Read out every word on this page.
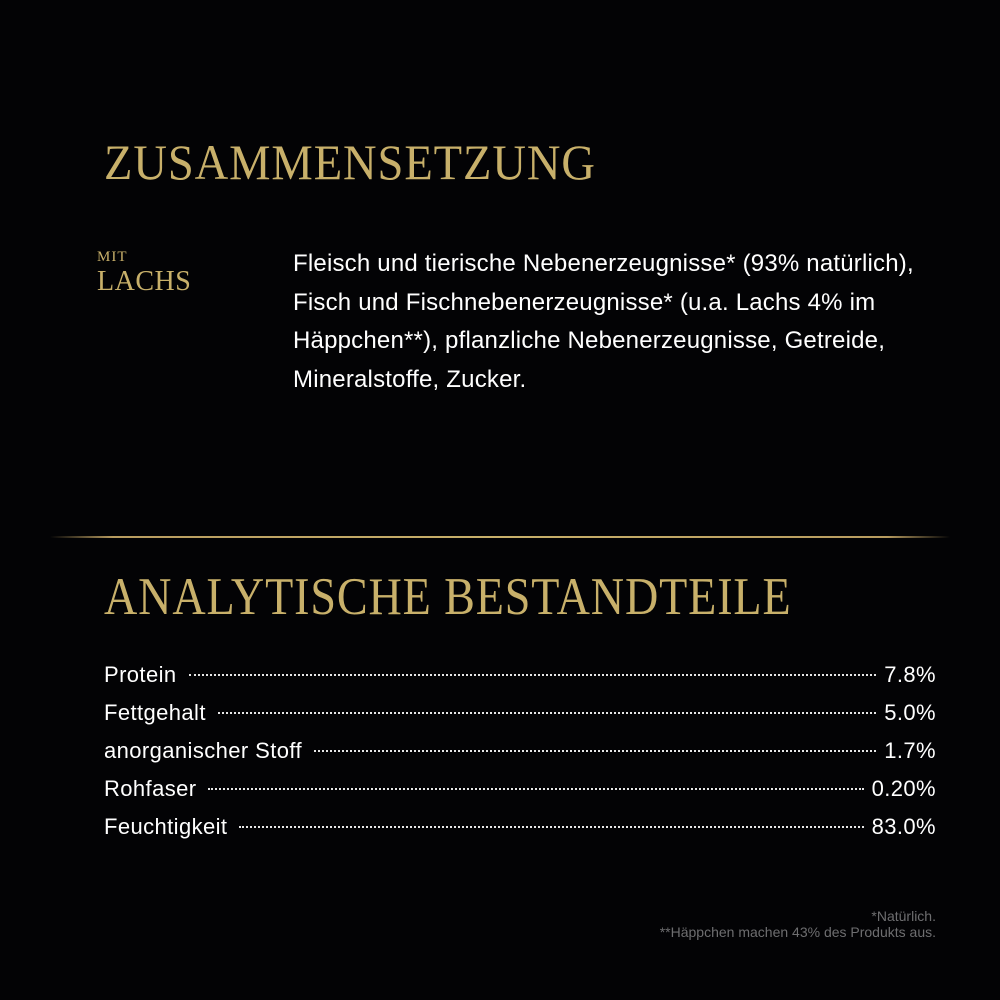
ZUSAMMENSETZUNG
MIT
LACHS

Fleisch und tierische Nebenerzeugnisse* (93% natürlich), Fisch und Fischnebenerzeugnisse* (u.a. Lachs 4% im Häppchen**), pflanzliche Nebenerzeugnisse, Getreide, Mineralstoffe, Zucker.

ANALYTISCHE BESTANDTEILE
Protein	7.8%
Fettgehalt	5.0%
anorganischer Stoff	1.7%
Rohfaser	0.20%
Feuchtigkeit	83.0%
*Natürlich.
**Häppchen machen 43% des Produkts aus.
